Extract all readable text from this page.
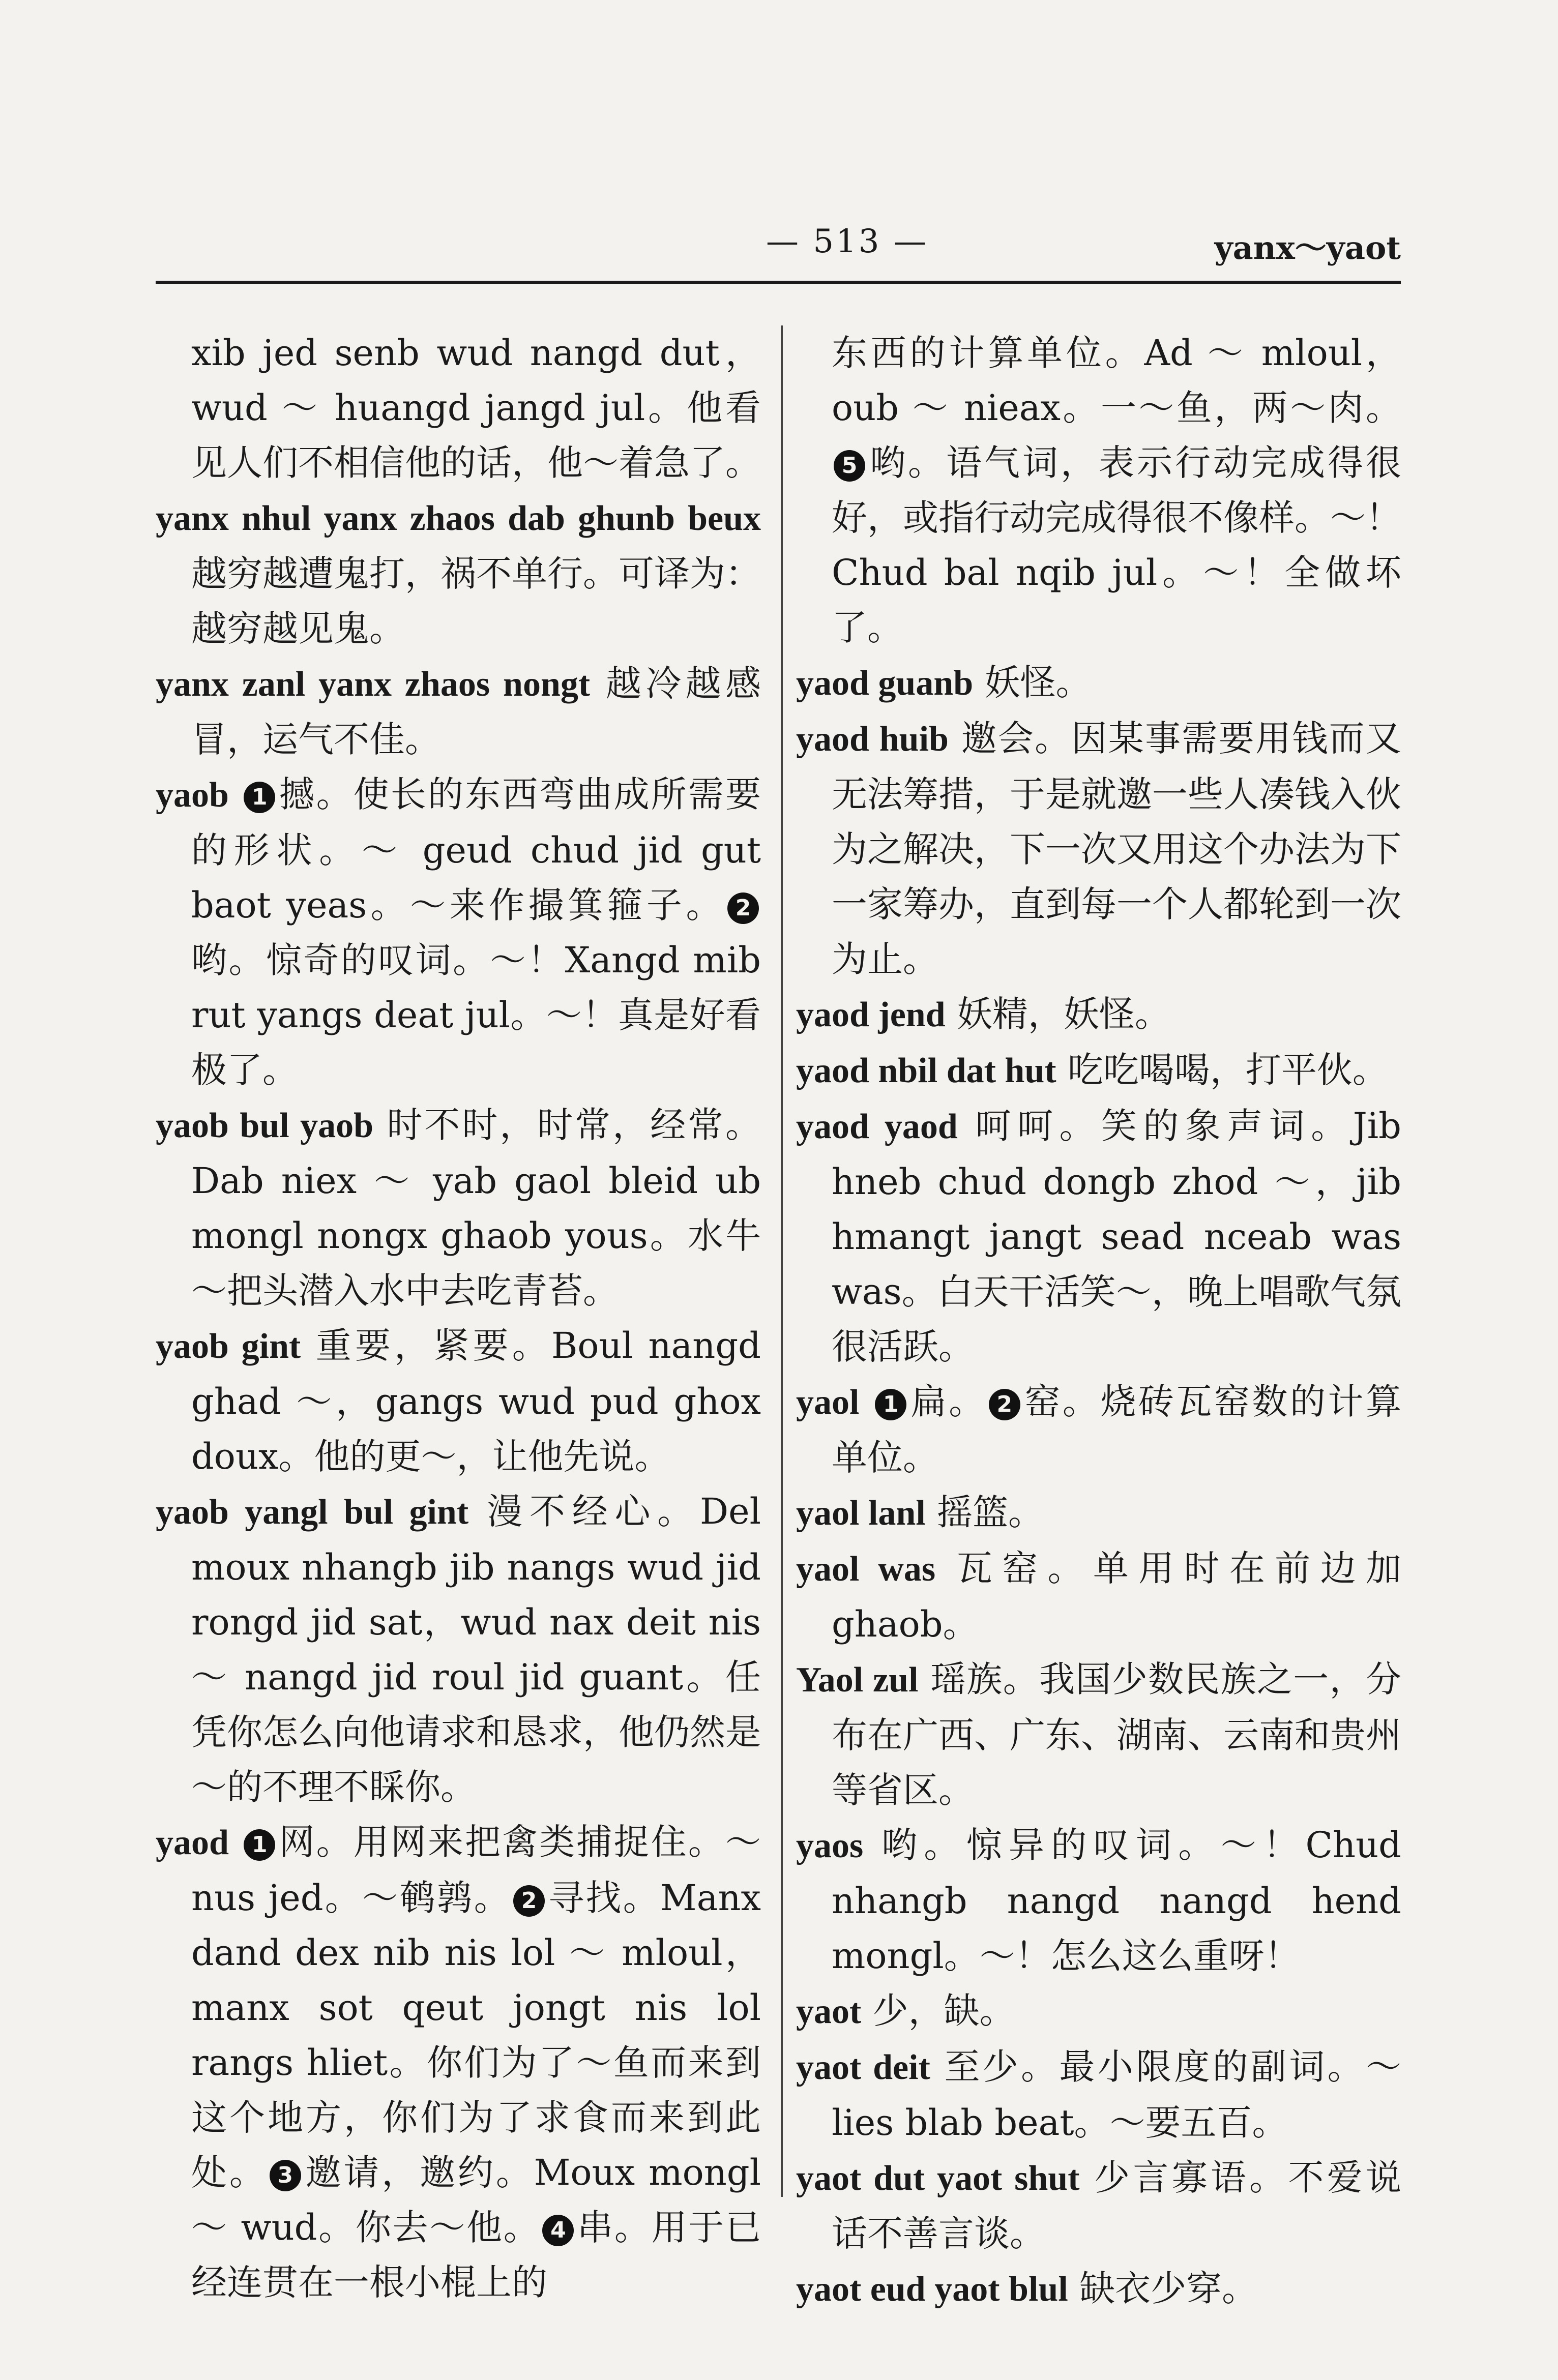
— 513 —	yanx～yaot

xib jed senb wud nangd dut，wud ～ huangd jangd jul。他看见人们不相信他的话，他～着急了。

yanx nhul yanx zhaos dab ghunb beux 越穷越遭鬼打，祸不单行。可译为：越穷越见鬼。

yanx zanl yanx zhaos nongt 越冷越感冒，运气不佳。

yaob 1 撼。使长的东西弯曲成所需要的形状。～ geud chud jid gut baot yeas。～来作撮箕箍子。 2哟。惊奇的叹词。～！Xangd mib rut yangs deat jul。～！真是好看极了。

yaob bul yaob 时不时，时常，经常。Dab niex ～ yab gaol bleid ub mongl nongx ghaob yous。水牛～把头潜入水中去吃青苔。

yaob gint 重要，紧要。Boul nangd ghad ～，gangs wud pud ghox doux。他的更～，让他先说。

yaob yangl bul gint 漫不经心。Del moux nhangb jib nangs wud jid rongd jid sat，wud nax deit nis ～ nangd jid roul jid guant。任凭你怎么向他请求和恳求，他仍然是～的不理不睬你。

yaod 1 网。用网来把禽类捕捉住。～ nus jed。～鹌鹑。 2 寻找。Manx dand dex nib nis lol ～ mloul，manx sot qeut jongt nis lol rangs hliet。你们为了～鱼而来到这个地方，你们为了求食而来到此处。 3 邀请，邀约。Moux mongl ～ wud。你去～他。 4 串。用于已经连贯在一根小棍上的

东西的计算单位。Ad ～ mloul，oub ～ nieax。一～鱼，两～肉。5 哟。语气词，表示行动完成得很好，或指行动完成得很不像样。～！Chud bal nqib jul。～！全做坏了。

yaod guanb 妖怪。

yaod huib 邀会。因某事需要用钱而又无法筹措，于是就邀一些人凑钱入伙为之解决，下一次又用这个办法为下一家筹办，直到每一个人都轮到一次为止。

yaod jend 妖精，妖怪。

yaod nbil dat hut 吃吃喝喝，打平伙。

yaod yaod 呵呵。笑的象声词。Jib hneb chud dongb zhod ～，jib hmangt jangt sead nceab was was。白天干活笑～，晚上唱歌气氛很活跃。

yaol 1 扁。 2 窑。烧砖瓦窑数的计算单位。

yaol lanl 摇篮。

yaol was 瓦窑。单用时在前边加 ghaob。

Yaol zul 瑶族。我国少数民族之一，分布在广西、广东、湖南、云南和贵州等省区。

yaos 哟。惊异的叹词。～！Chud nhangb nangd nangd hend mongl。～！怎么这么重呀！

yaot 少，缺。

yaot deit 至少。最小限度的副词。～ lies blab beat。～要五百。

yaot dut yaot shut 少言寡语。不爱说话不善言谈。

yaot eud yaot blul 缺衣少穿。
